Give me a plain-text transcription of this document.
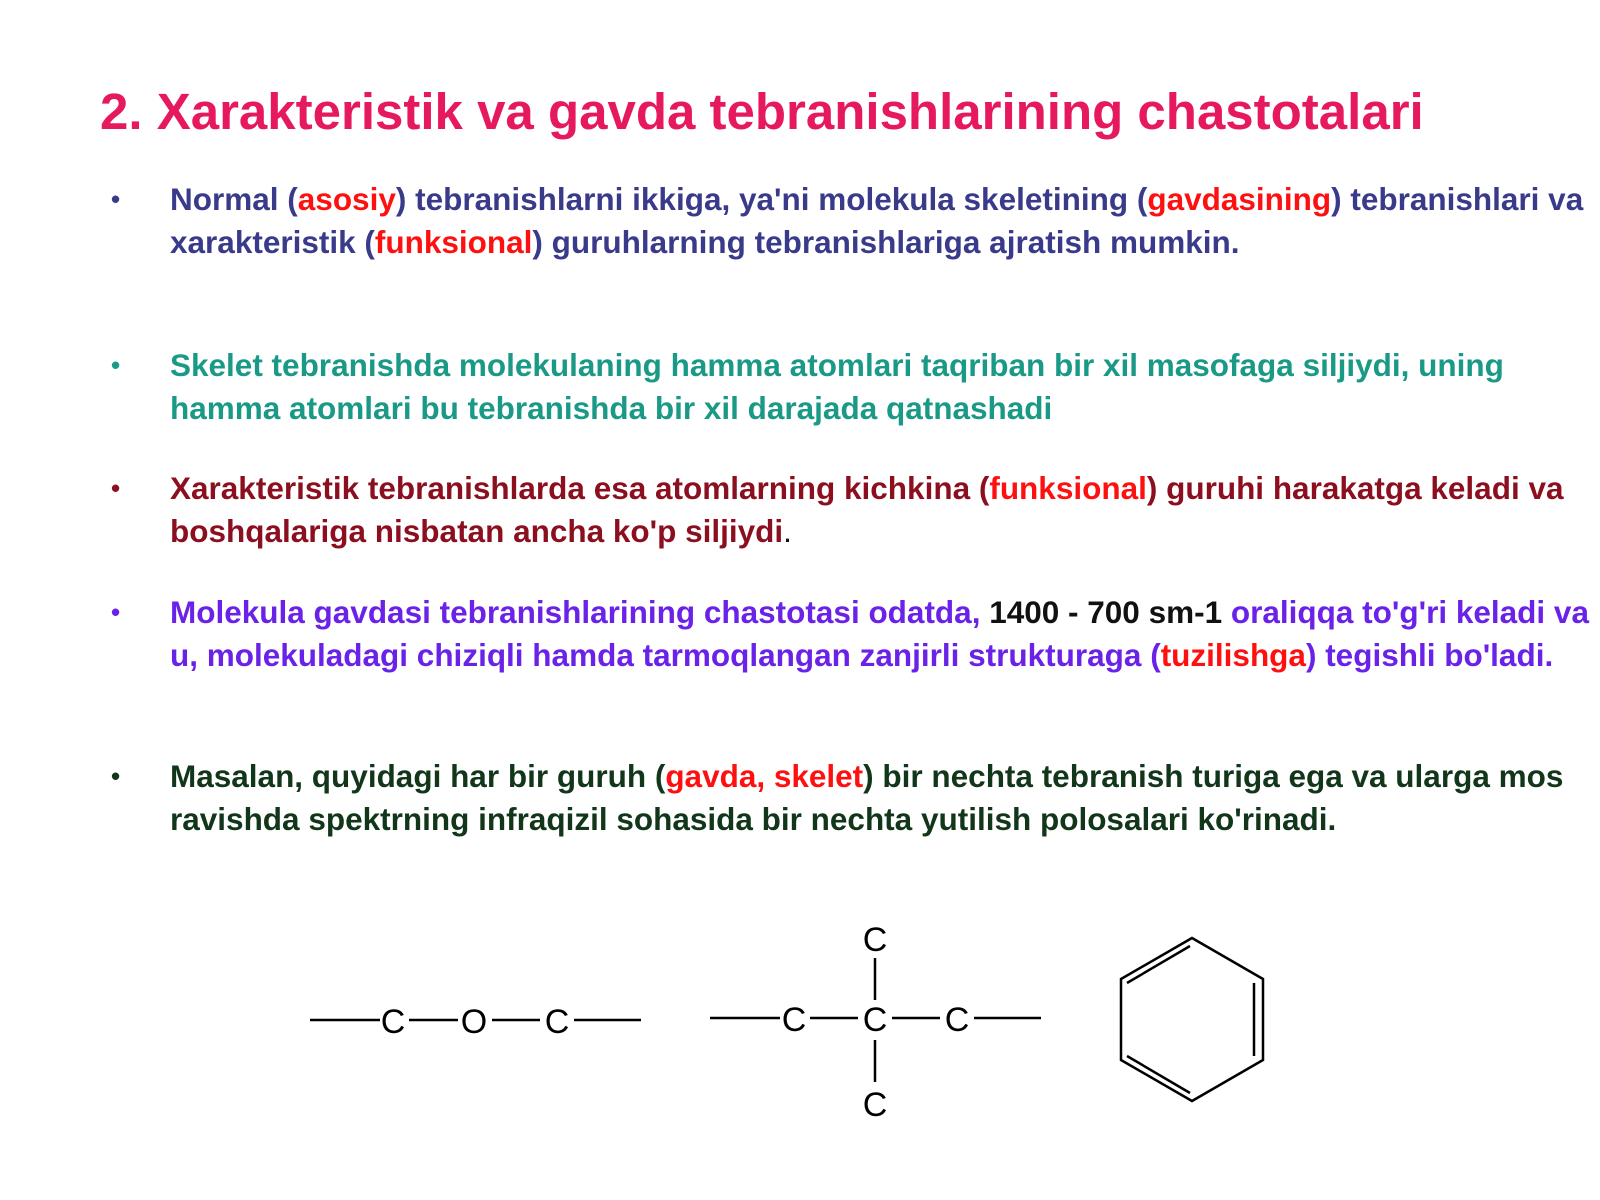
2. Xarakteristik va gavda tebranishlarining chastotalari
• Normal (asosiy) tebranishlarni ikkiga, ya'ni molekula skeletining (gavdasining) tebranishlari va xarakteristik (funksional) guruhlarning tebranishlariga ajratish mumkin.

• Skelet tebranishda molekulaning hamma atomlari taqriban bir xil masofaga siljiydi, uning hamma atomlari bu tebranishda bir xil darajada qatnashadi

• Xarakteristik tebranishlarda esa atomlarning kichkina (funksional) guruhi harakatga keladi va boshqalariga nisbatan ancha ko'p siljiydi.

• Molekula gavdasi tebranishlarining chastotasi odatda, 1400 - 700 sm-1 oraliqqa to'g'ri keladi va u, molekuladagi chiziqli hamda tarmoqlangan zanjirli strukturaga (tuzilishga) tegishli bo'ladi.

• Masalan, quyidagi har bir guruh (gavda, skelet) bir nechta tebranish turiga ega va ularga mos ravishda spektrning infraqizil sohasida bir nechta yutilish polosalari ko'rinadi.

C O C
C
C C C
C
